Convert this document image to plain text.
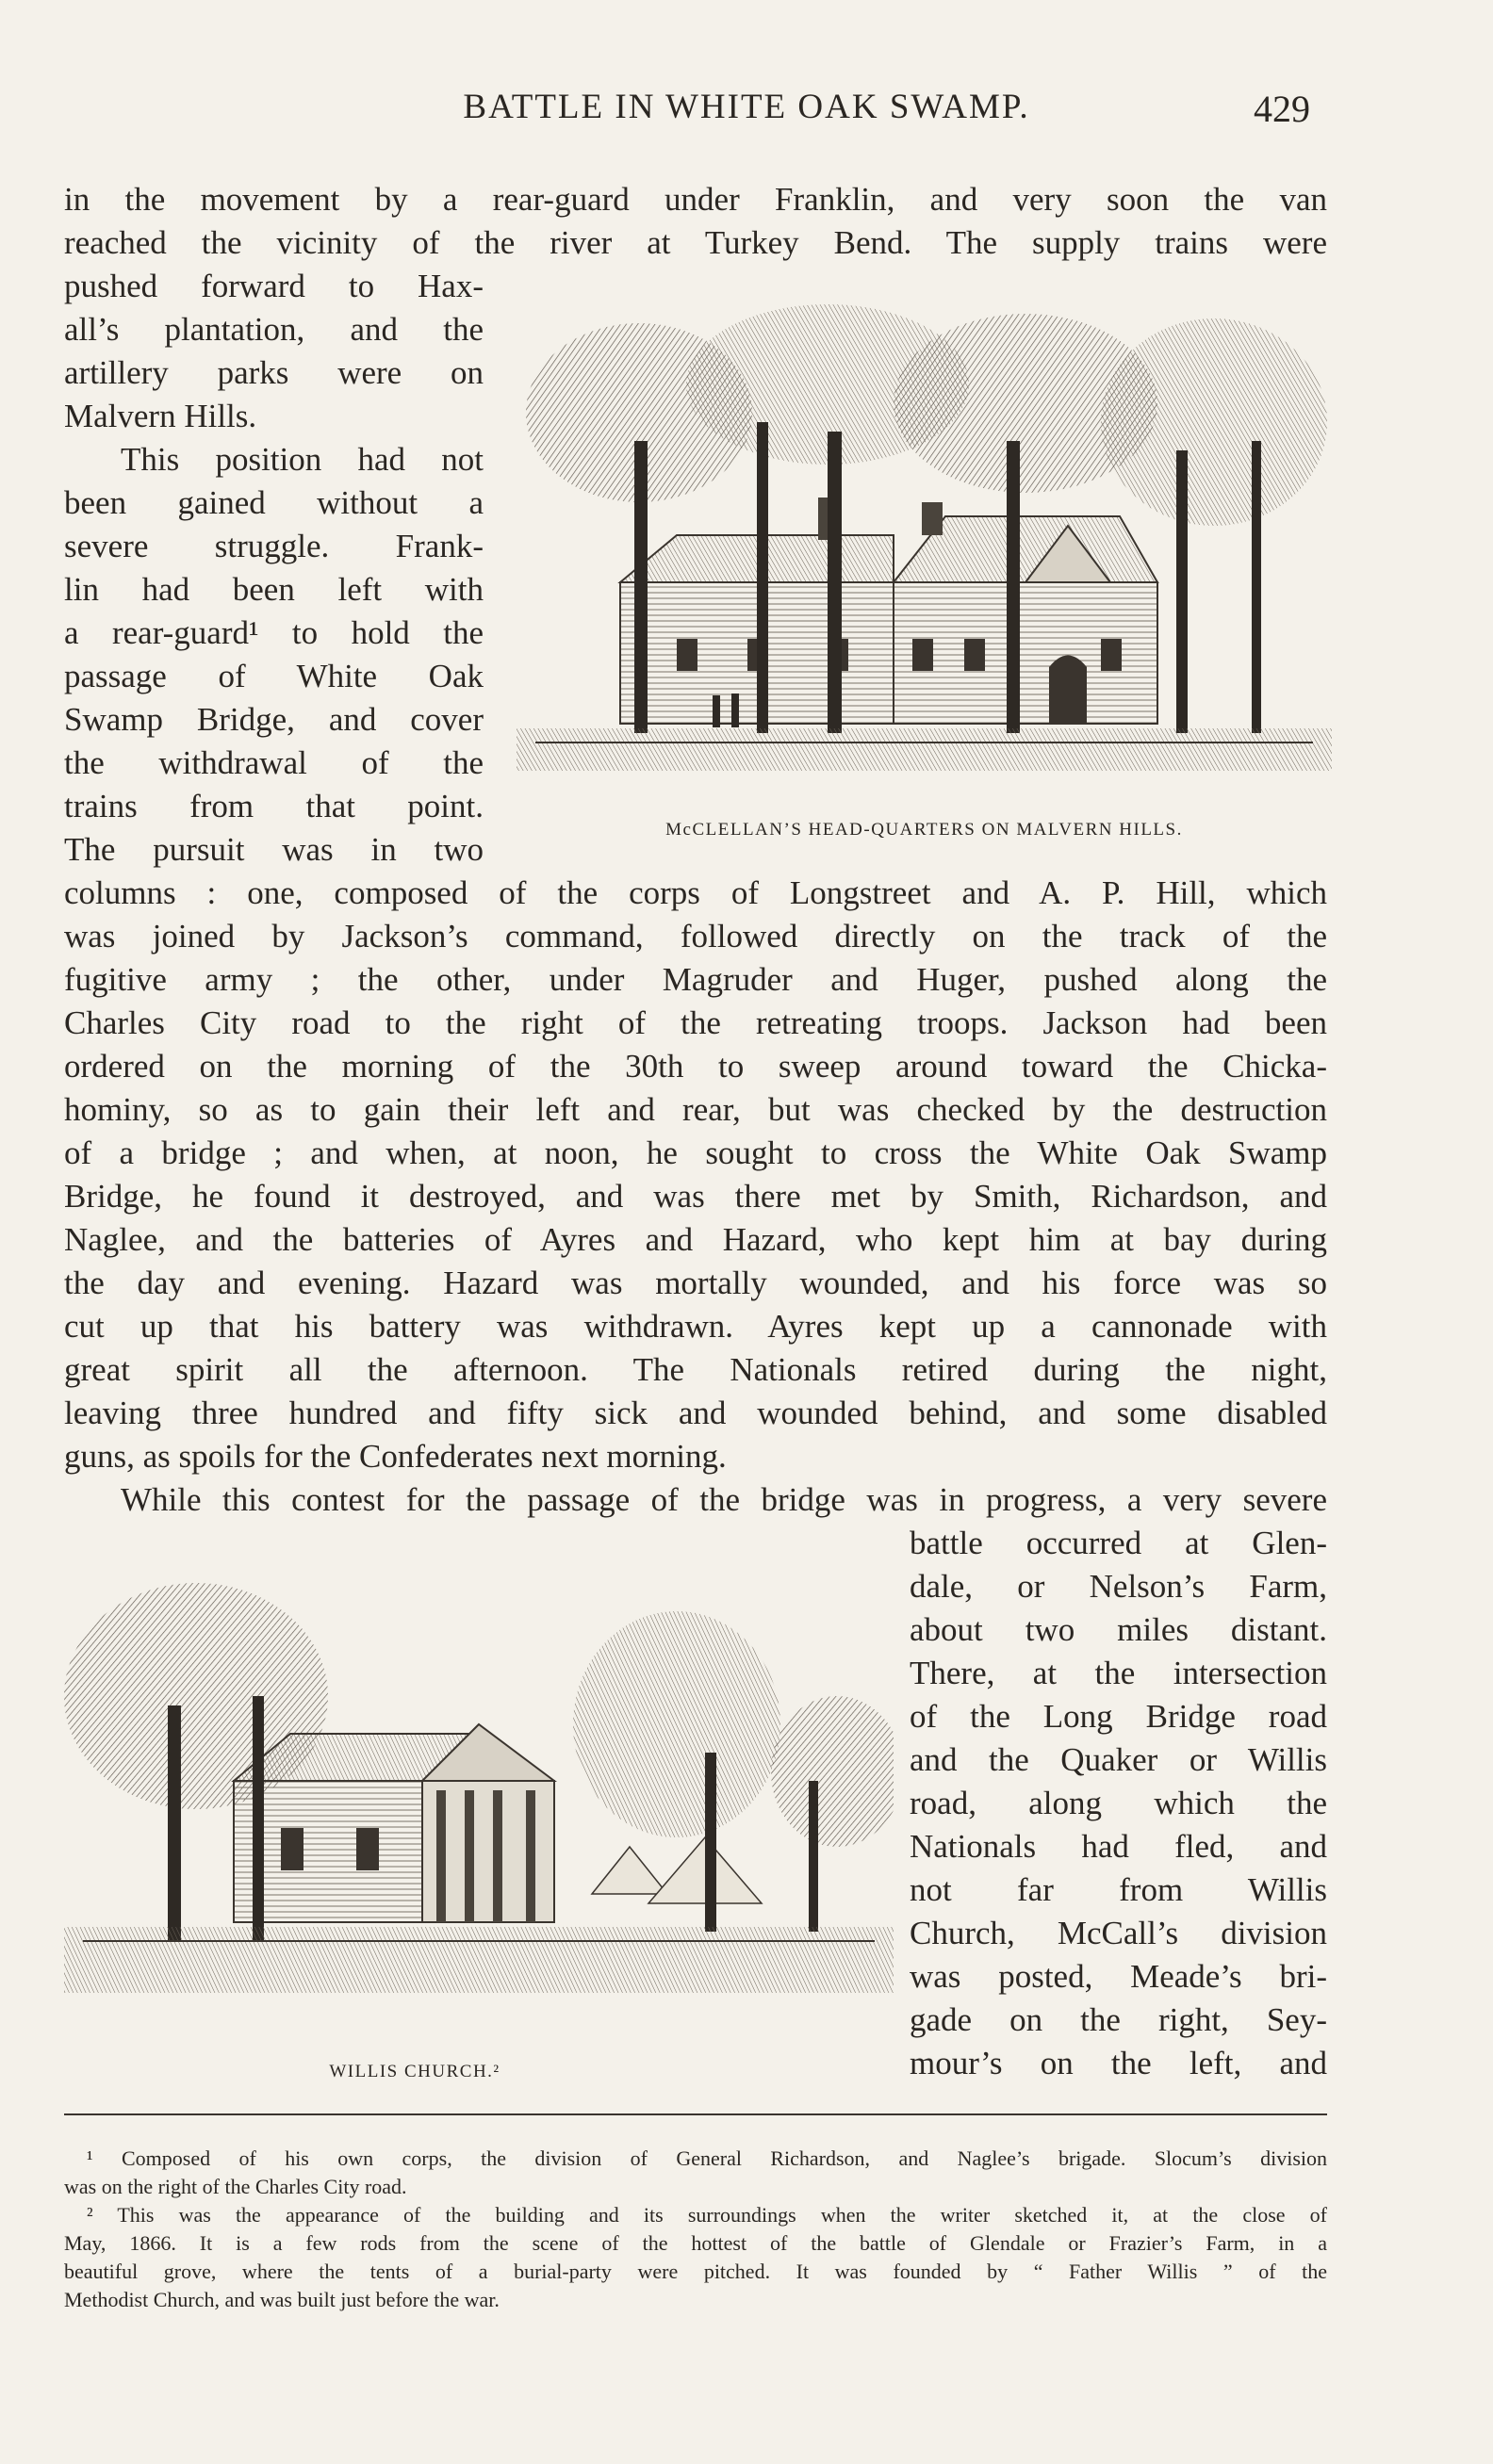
BATTLE IN WHITE OAK SWAMP.	429
in the movement by a rear-guard under Franklin, and very soon the van
reached the vicinity of the river at Turkey Bend. The supply trains were
pushed forward to Hax-
all’s plantation, and the
artillery parks were on
Malvern Hills.
This position had not
been gained without a
severe struggle. Frank-
lin had been left with
a rear-guard¹ to hold the
passage of White Oak
Swamp Bridge, and cover
the withdrawal of the
trains from that point.
The pursuit was in two
McCLELLAN’S HEAD-QUARTERS ON MALVERN HILLS.
columns : one, composed of the corps of Longstreet and A. P. Hill, which
was joined by Jackson’s command, followed directly on the track of the
fugitive army ; the other, under Magruder and Huger, pushed along the
Charles City road to the right of the retreating troops. Jackson had been
ordered on the morning of the 30th to sweep around toward the Chicka-
hominy, so as to gain their left and rear, but was checked by the destruction
of a bridge ; and when, at noon, he sought to cross the White Oak Swamp
Bridge, he found it destroyed, and was there met by Smith, Richardson, and
Naglee, and the batteries of Ayres and Hazard, who kept him at bay during
the day and evening. Hazard was mortally wounded, and his force was so
cut up that his battery was withdrawn. Ayres kept up a cannonade with
great spirit all the afternoon. The Nationals retired during the night,
leaving three hundred and fifty sick and wounded behind, and some disabled
guns, as spoils for the Confederates next morning.
While this contest for the passage of the bridge was in progress, a very severe
WILLIS CHURCH.²
battle occurred at Glen-
dale, or Nelson’s Farm,
about two miles distant.
There, at the intersection
of the Long Bridge road
and the Quaker or Willis
road, along which the
Nationals had fled, and
not far from Willis
Church, McCall’s division
was posted, Meade’s bri-
gade on the right, Sey-
mour’s on the left, and
¹ Composed of his own corps, the division of General Richardson, and Naglee’s brigade. Slocum’s division
was on the right of the Charles City road.
² This was the appearance of the building and its surroundings when the writer sketched it, at the close of
May, 1866. It is a few rods from the scene of the hottest of the battle of Glendale or Frazier’s Farm, in a
beautiful grove, where the tents of a burial-party were pitched. It was founded by “ Father Willis ” of the
Methodist Church, and was built just before the war.
